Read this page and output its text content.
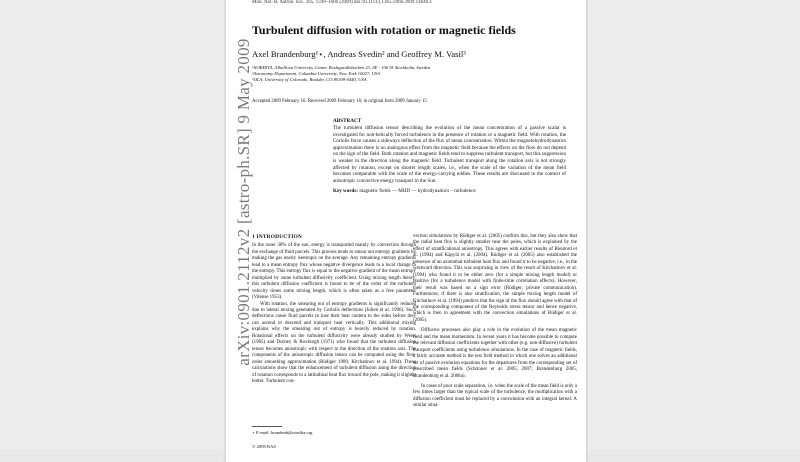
arXiv:0901.2112v2 [astro-ph.SR] 9 May 2009
Mon. Not. R. Astron. Soc. 395, 1599–1606 (2009) doi:10.1111/j.1365-2966.2009.14646.x
Turbulent diffusion with rotation or magnetic fields
Axel Brandenburg¹⋆, Andreas Svedin² and Geoffrey M. Vasil³
¹NORDITA, AlbaNova University Center, Roslagstullsbacken 23, SE - 106 91 Stockholm, Sweden
²Astronomy Department, Columbia University, New York 10027, USA
³JILA, University of Colorado, Boulder, CO 80309-0440, USA
Accepted 2009 February 16. Received 2009 February 16; in original form 2009 January 15
ABSTRACT
The turbulent diffusion tensor describing the evolution of the mean concentration of a passive scalar is investigated for non-helically forced turbulence in the presence of rotation or a magnetic field. With rotation, the Coriolis force causes a sideways deflection of the flux of mean concentration. Within the magnetohydrodynamics approximation there is no analogous effect from the magnetic field because the effects on the flow do not depend on the sign of the field. Both rotation and magnetic fields tend to suppress turbulent transport, but this suppression is weaker in the direction along the magnetic field. Turbulent transport along the rotation axis is not strongly affected by rotation, except on shorter length scales, i.e., when the scale of the variation of the mean field becomes comparable with the scale of the energy-carrying eddies. These results are discussed in the context of anisotropic convective energy transport in the Sun.
Key words: magnetic fields — MHD — hydrodynamics – turbulence
1 INTRODUCTION

In the outer 30% of the sun, energy is transported mainly by convection through the exchange of fluid parcels. This process tends to smear out entropy gradients by making the gas nearly isentropic on the average. Any remaining entropy gradients lead to a mean entropy flux whose negative divergence leads to a local change in the entropy. This entropy flux is equal to the negative gradient of the mean entropy multiplied by some turbulent diffusivity coefficient. Using mixing length theory, this turbulent diffusion coefficient is found to be of the order of the turbulent velocity times some mixing length, which is often taken as a free parameter (Vitense 1953).

With rotation, the smearing out of entropy gradients is significantly reduced due to lateral mixing generated by Coriolis deflections (Julien et al. 1996). Such deflections cause fluid parcels to lose their heat content to the sides before they can ascend or descend and transport heat vertically. This additional mixing explains why the smearing out of entropy is heavily reduced by rotation. Rotational effects on the turbulent diffusivity were already studied by Weiss (1965) and Durney & Roxburgh (1971) who found that the turbulent diffusion tensor becomes anisotropic with respect to the direction of the rotation axis. The components of the anisotropic diffusion tensor can be computed using the first-order smoothing approximation (Rüdiger 1989, Kitchatinov et al. 1994). These calculations show that the enhancement of turbulent diffusion along the direction of rotation corresponds to a latitudinal heat flux toward the pole, making it slightly hotter. Turbulent con-

vection simulations by Rüdiger et al. (2005) confirm this, but they also show that the radial heat flux is slightly smaller near the poles, which is explained by the effect of stratificational anisotropy. This agrees with earlier results of Rieutord et al. (1994) and Käpylä et al. (2004). Rüdiger et al. (2005) also established the presence of an azimuthal turbulent heat flux and found it to be negative, i.e., in the westward direction. This was surprising in view of the result of Kitchatinov et al. (1994) who found it to be either zero (for a simple mixing length model) or positive (for a turbulence model with finite-time correlation effects). However, their result was based on a sign error (Rüdiger, private communication). Furthermore, if there is also stratification, the simple mixing length model of Kitchatinov et al. (1994) predicts that the sign of the flux should agree with that of the corresponding component of the Reynolds stress tensor and hence negative, which is then in agreement with the convection simulations of Rüdiger et al. (2005).

Diffusive processes also play a role in the evolution of the mean magnetic field and the mean momentum. In recent years it has become possible to compute the relevant diffusion coefficients together with other (e.g. non-diffusive) turbulent transport coefficients using turbulence simulations. In the case of magnetic fields, a fairly accurate method is the test field method in which one solves an additional set of passive evolution equations for the departures from the corresponding set of prescribed mean fields (Schrinner et al. 2005, 2007; Brandenburg 2005, Brandenburg et al. 2008a).

In cases of poor scale separation, i.e. when the scale of the mean field is only a few times larger than the typical scale of the turbulence, the multiplication with a diffusion coefficient must be replaced by a convolution with an integral kernel. A similar situa-

⋆ E-mail: brandenb@nordita.org
© 2009 RAS
